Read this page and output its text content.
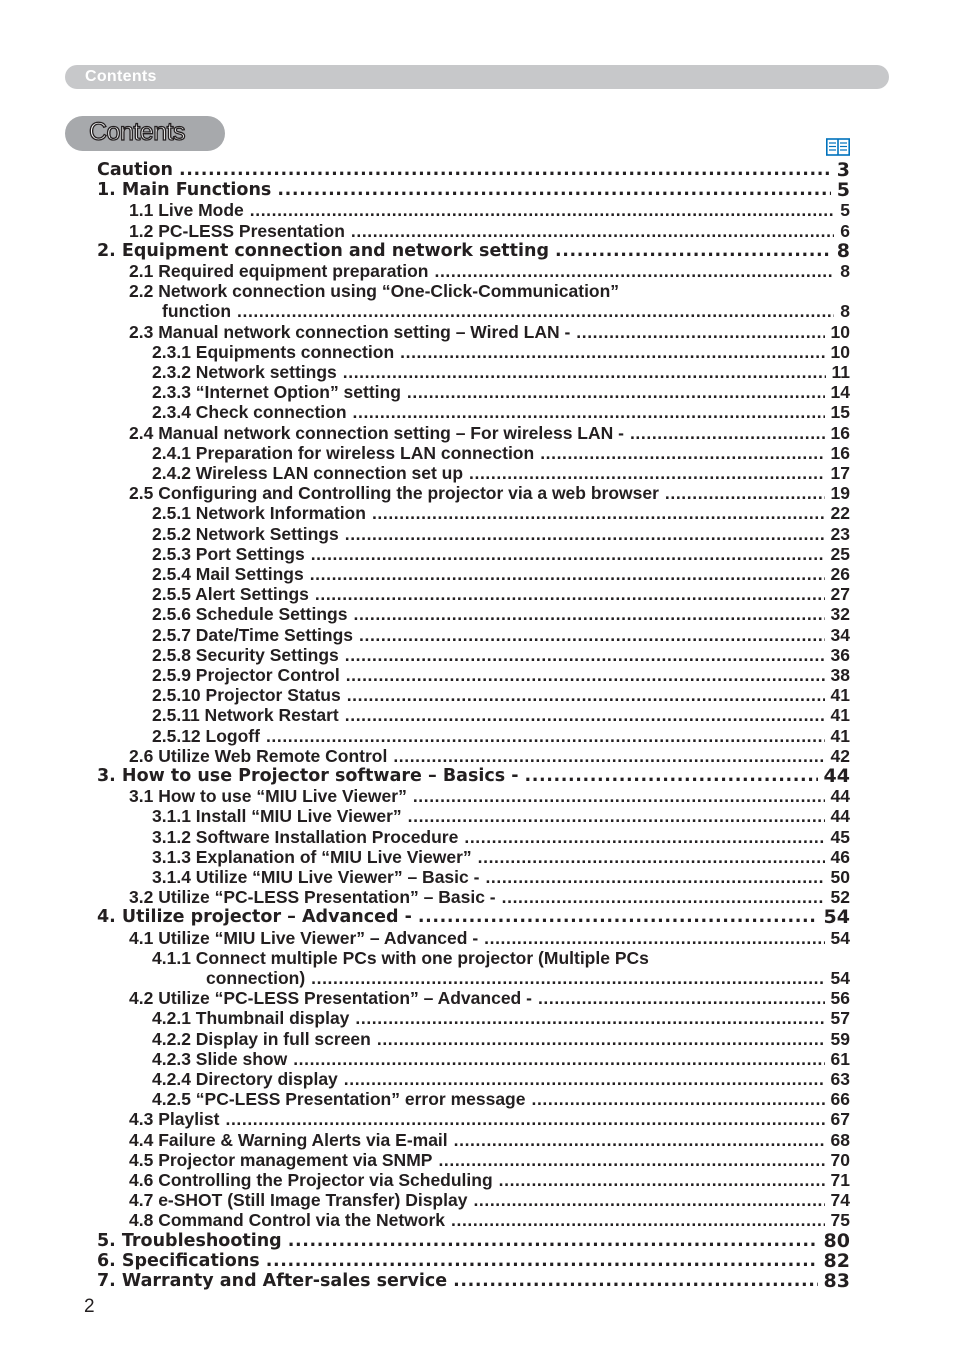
Contents
Contents
Caution .....	3
1. Main Functions .....	5
1.1 Live Mode .....	5
1.2 PC-LESS Presentation .....	6
2. Equipment connection and network setting .....	8
2.1 Required equipment preparation .....	8
2.2 Network connection using “One-Click-Communication”
function .....	8
2.3 Manual network connection setting – Wired LAN - .....	10
2.3.1 Equipments connection .....	10
2.3.2 Network settings .....	11
2.3.3 “Internet Option” setting .....	14
2.3.4 Check connection .....	15
2.4 Manual network connection setting – For wireless LAN - .....	16
2.4.1 Preparation for wireless LAN connection .....	16
2.4.2 Wireless LAN connection set up .....	17
2.5 Configuring and Controlling the projector via a web browser .....	19
2.5.1 Network Information .....	22
2.5.2 Network Settings .....	23
2.5.3 Port Settings .....	25
2.5.4 Mail Settings .....	26
2.5.5 Alert Settings .....	27
2.5.6 Schedule Settings .....	32
2.5.7 Date/Time Settings .....	34
2.5.8 Security Settings .....	36
2.5.9 Projector Control .....	38
2.5.10 Projector Status .....	41
2.5.11 Network Restart .....	41
2.5.12 Logoff .....	41
2.6 Utilize Web Remote Control .....	42
3. How to use Projector software – Basics - .....	44
3.1 How to use “MIU Live Viewer” .....	44
3.1.1 Install “MIU Live Viewer” .....	44
3.1.2 Software Installation Procedure .....	45
3.1.3 Explanation of “MIU Live Viewer” .....	46
3.1.4 Utilize “MIU Live Viewer” – Basic - .....	50
3.2 Utilize “PC-LESS Presentation” – Basic - .....	52
4. Utilize projector – Advanced - .....	54
4.1 Utilize “MIU Live Viewer” – Advanced - .....	54
4.1.1 Connect multiple PCs with one projector (Multiple PCs
connection) .....	54
4.2 Utilize “PC-LESS Presentation” – Advanced - .....	56
4.2.1 Thumbnail display .....	57
4.2.2 Display in full screen .....	59
4.2.3 Slide show .....	61
4.2.4 Directory display .....	63
4.2.5 “PC-LESS Presentation” error message .....	66
4.3 Playlist .....	67
4.4 Failure & Warning Alerts via E-mail .....	68
4.5 Projector management via SNMP .....	70
4.6 Controlling the Projector via Scheduling .....	71
4.7 e-SHOT (Still Image Transfer) Display .....	74
4.8 Command Control via the Network .....	75
5. Troubleshooting .....	80
6. Specifications .....	82
7. Warranty and After-sales service .....	83
2
